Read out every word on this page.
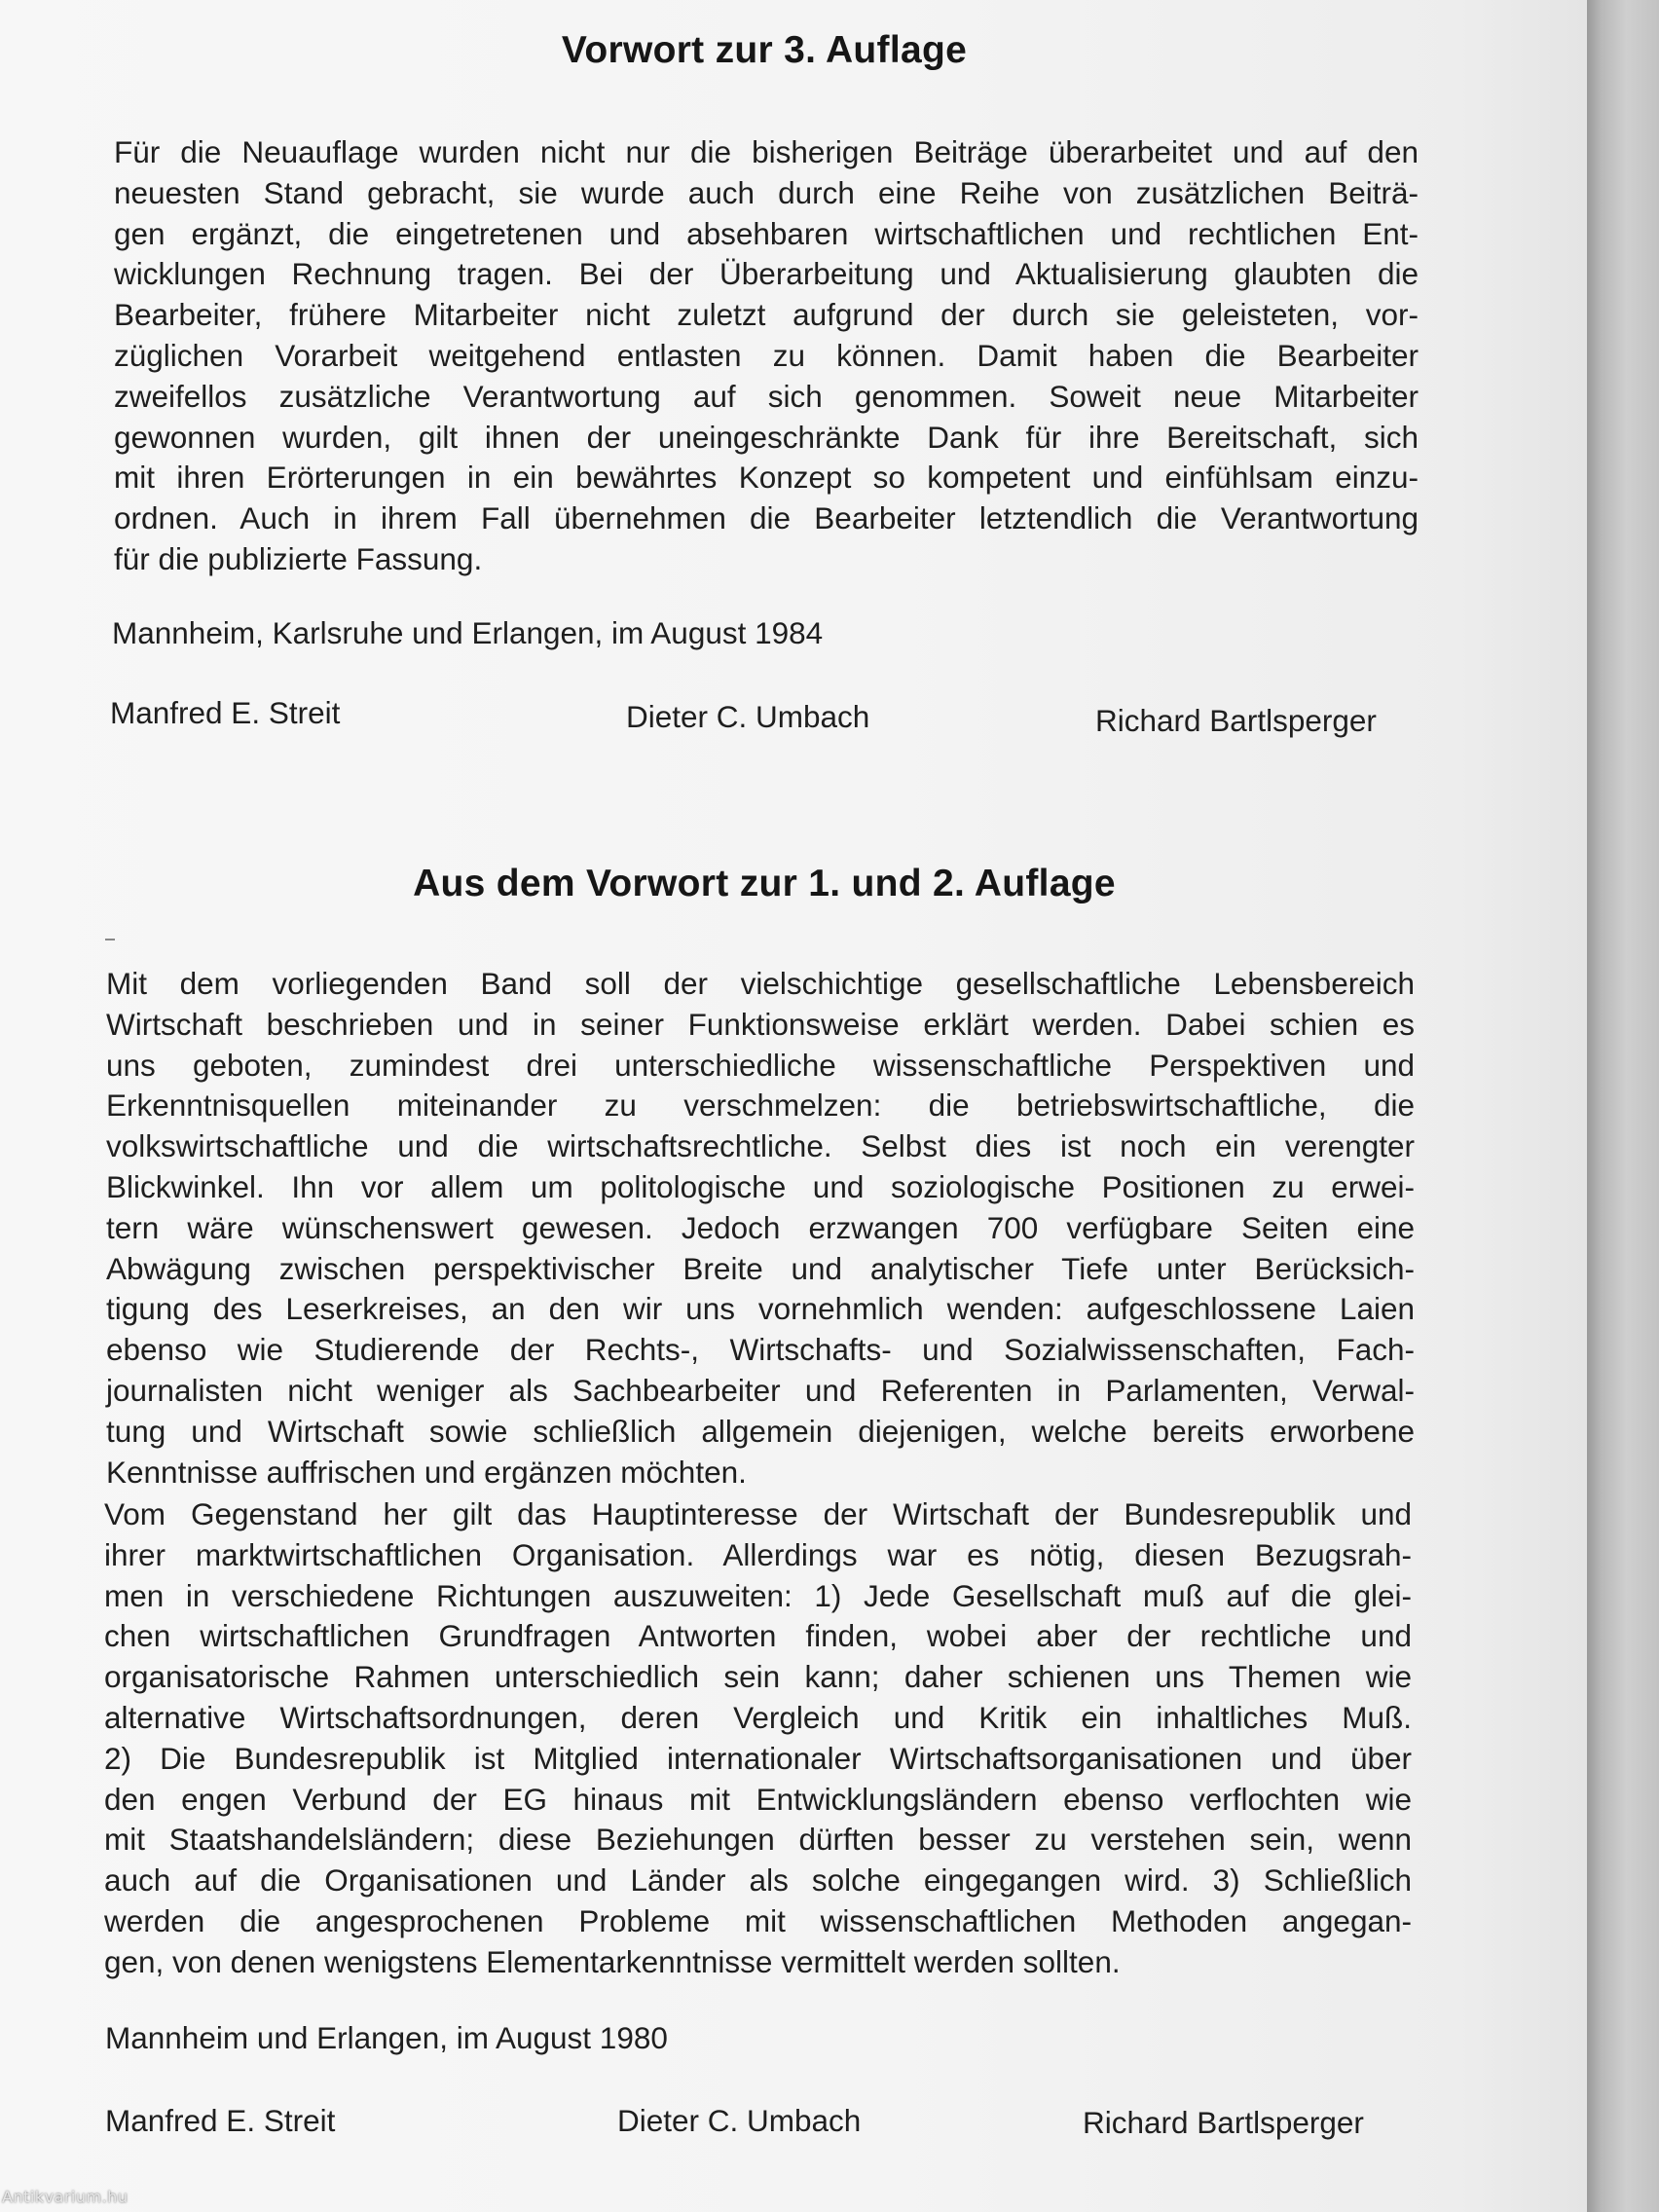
Vorwort zur 3. Auflage
Für die Neuauflage wurden nicht nur die bisherigen Beiträge überarbeitet und auf den
neuesten Stand gebracht, sie wurde auch durch eine Reihe von zusätzlichen Beiträ-
gen ergänzt, die eingetretenen und absehbaren wirtschaftlichen und rechtlichen Ent-
wicklungen Rechnung tragen. Bei der Überarbeitung und Aktualisierung glaubten die
Bearbeiter, frühere Mitarbeiter nicht zuletzt aufgrund der durch sie geleisteten, vor-
züglichen Vorarbeit weitgehend entlasten zu können. Damit haben die Bearbeiter
zweifellos zusätzliche Verantwortung auf sich genommen. Soweit neue Mitarbeiter
gewonnen wurden, gilt ihnen der uneingeschränkte Dank für ihre Bereitschaft, sich
mit ihren Erörterungen in ein bewährtes Konzept so kompetent und einfühlsam einzu-
ordnen. Auch in ihrem Fall übernehmen die Bearbeiter letztendlich die Verantwortung
für die publizierte Fassung.

Mannheim, Karlsruhe und Erlangen, im August 1984

Manfred E. Streit	Dieter C. Umbach	Richard Bartlsperger
Aus dem Vorwort zur 1. und 2. Auflage
Mit dem vorliegenden Band soll der vielschichtige gesellschaftliche Lebensbereich
Wirtschaft beschrieben und in seiner Funktionsweise erklärt werden. Dabei schien es
uns geboten, zumindest drei unterschiedliche wissenschaftliche Perspektiven und
Erkenntnisquellen miteinander zu verschmelzen: die betriebswirtschaftliche, die
volkswirtschaftliche und die wirtschaftsrechtliche. Selbst dies ist noch ein verengter
Blickwinkel. Ihn vor allem um politologische und soziologische Positionen zu erwei-
tern wäre wünschenswert gewesen. Jedoch erzwangen 700 verfügbare Seiten eine
Abwägung zwischen perspektivischer Breite und analytischer Tiefe unter Berücksich-
tigung des Leserkreises, an den wir uns vornehmlich wenden: aufgeschlossene Laien
ebenso wie Studierende der Rechts-, Wirtschafts- und Sozialwissenschaften, Fach-
journalisten nicht weniger als Sachbearbeiter und Referenten in Parlamenten, Verwal-
tung und Wirtschaft sowie schließlich allgemein diejenigen, welche bereits erworbene
Kenntnisse auffrischen und ergänzen möchten.
Vom Gegenstand her gilt das Hauptinteresse der Wirtschaft der Bundesrepublik und
ihrer marktwirtschaftlichen Organisation. Allerdings war es nötig, diesen Bezugsrah-
men in verschiedene Richtungen auszuweiten: 1) Jede Gesellschaft muß auf die glei-
chen wirtschaftlichen Grundfragen Antworten finden, wobei aber der rechtliche und
organisatorische Rahmen unterschiedlich sein kann; daher schienen uns Themen wie
alternative Wirtschaftsordnungen, deren Vergleich und Kritik ein inhaltliches Muß.
2) Die Bundesrepublik ist Mitglied internationaler Wirtschaftsorganisationen und über
den engen Verbund der EG hinaus mit Entwicklungsländern ebenso verflochten wie
mit Staatshandelsländern; diese Beziehungen dürften besser zu verstehen sein, wenn
auch auf die Organisationen und Länder als solche eingegangen wird. 3) Schließlich
werden die angesprochenen Probleme mit wissenschaftlichen Methoden angegan-
gen, von denen wenigstens Elementarkenntnisse vermittelt werden sollten.

Mannheim und Erlangen, im August 1980

Manfred E. Streit	Dieter C. Umbach	Richard Bartlsperger
Antikvarium.hu
